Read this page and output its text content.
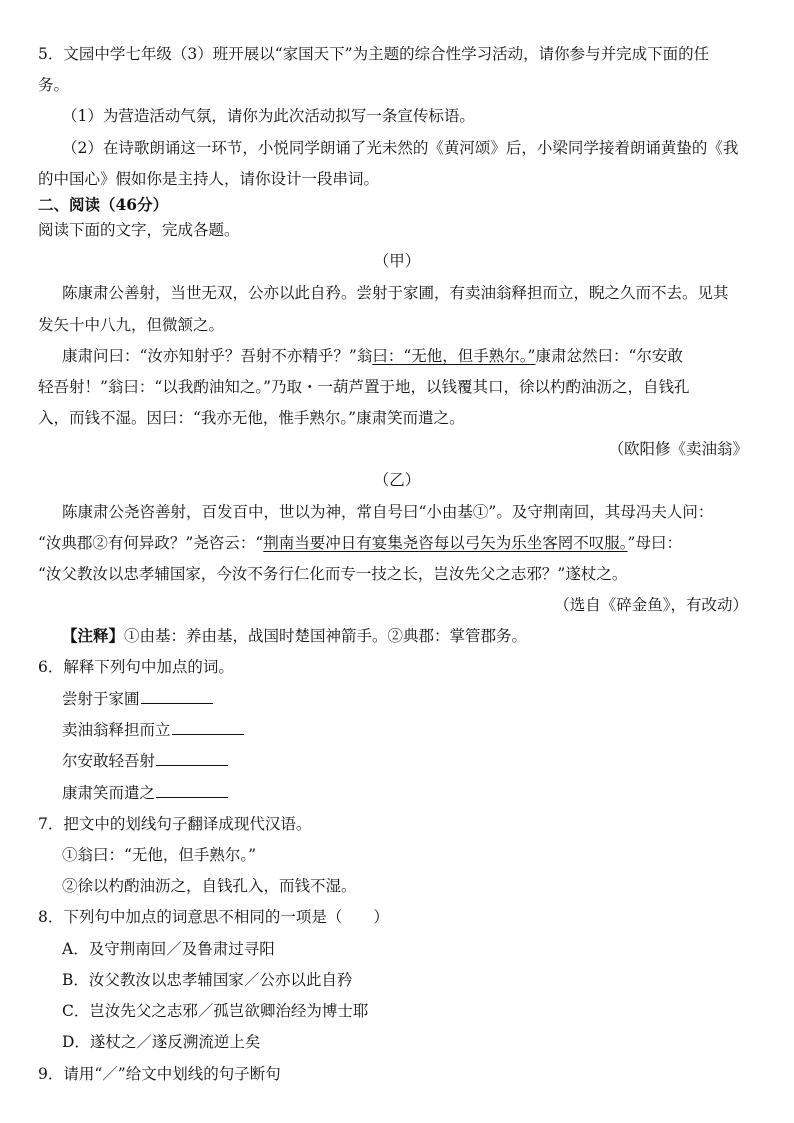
5．文园中学七年级（3）班开展以“家国天下”为主题的综合性学习活动，请你参与并完成下面的任
务。
（1）为营造活动气氛，请你为此次活动拟写一条宣传标语。
（2）在诗歌朗诵这一环节，小悦同学朗诵了光未然的《黄河颂》后，小梁同学接着朗诵黄蛰的《我
的中国心》假如你是主持人，请你设计一段串词。
二、阅读（46分）
阅读下面的文字，完成各题。
（甲）
陈康肃公善射，当世无双，公亦以此自矜。尝射于家圃，有卖油翁释担而立，睨之久而不去。见其
发矢十中八九，但微颔之。
康肃问曰：“汝亦知射乎？吾射不亦精乎？”翁曰：“无他，但手熟尔。”康肃忿然曰：“尔安敢
轻吾射！”翁曰：“以我酌油知之。”乃取・一葫芦置于地，以钱覆其口，徐以杓酌油沥之，自钱孔
入，而钱不湿。因曰：“我亦无他，惟手熟尔。”康肃笑而遣之。
（欧阳修《卖油翁》
（乙）
陈康肃公尧咨善射，百发百中，世以为神，常自号曰“小由基①”。及守荆南回，其母冯夫人问：
“汝典郡②有何异政？”尧咨云：“荆南当要冲日有宴集尧咨每以弓矢为乐坐客罔不叹服。”母曰：
“汝父教汝以忠孝辅国家，今汝不务行仁化而专一技之长，岂汝先父之志邪？”遂杖之。
（选自《碎金鱼》，有改动）
【注释】①由基：养由基，战国时楚国神箭手。②典郡：掌管郡务。
6．解释下列句中加点的词。
尝射于家圃
卖油翁释担而立
尔安敢轻吾射
康肃笑而遣之
7．把文中的划线句子翻译成现代汉语。
①翁曰：“无他，但手熟尔。”
②徐以杓酌油沥之，自钱孔入，而钱不湿。
8．下列句中加点的词意思不相同的一项是（　　）
A．及守荆南回／及鲁肃过寻阳
B．汝父教汝以忠孝辅国家／公亦以此自矜
C．岂汝先父之志邪／孤岂欲卿治经为博士耶
D．遂杖之／遂反溯流逆上矣
9．请用“／”给文中划线的句子断句
